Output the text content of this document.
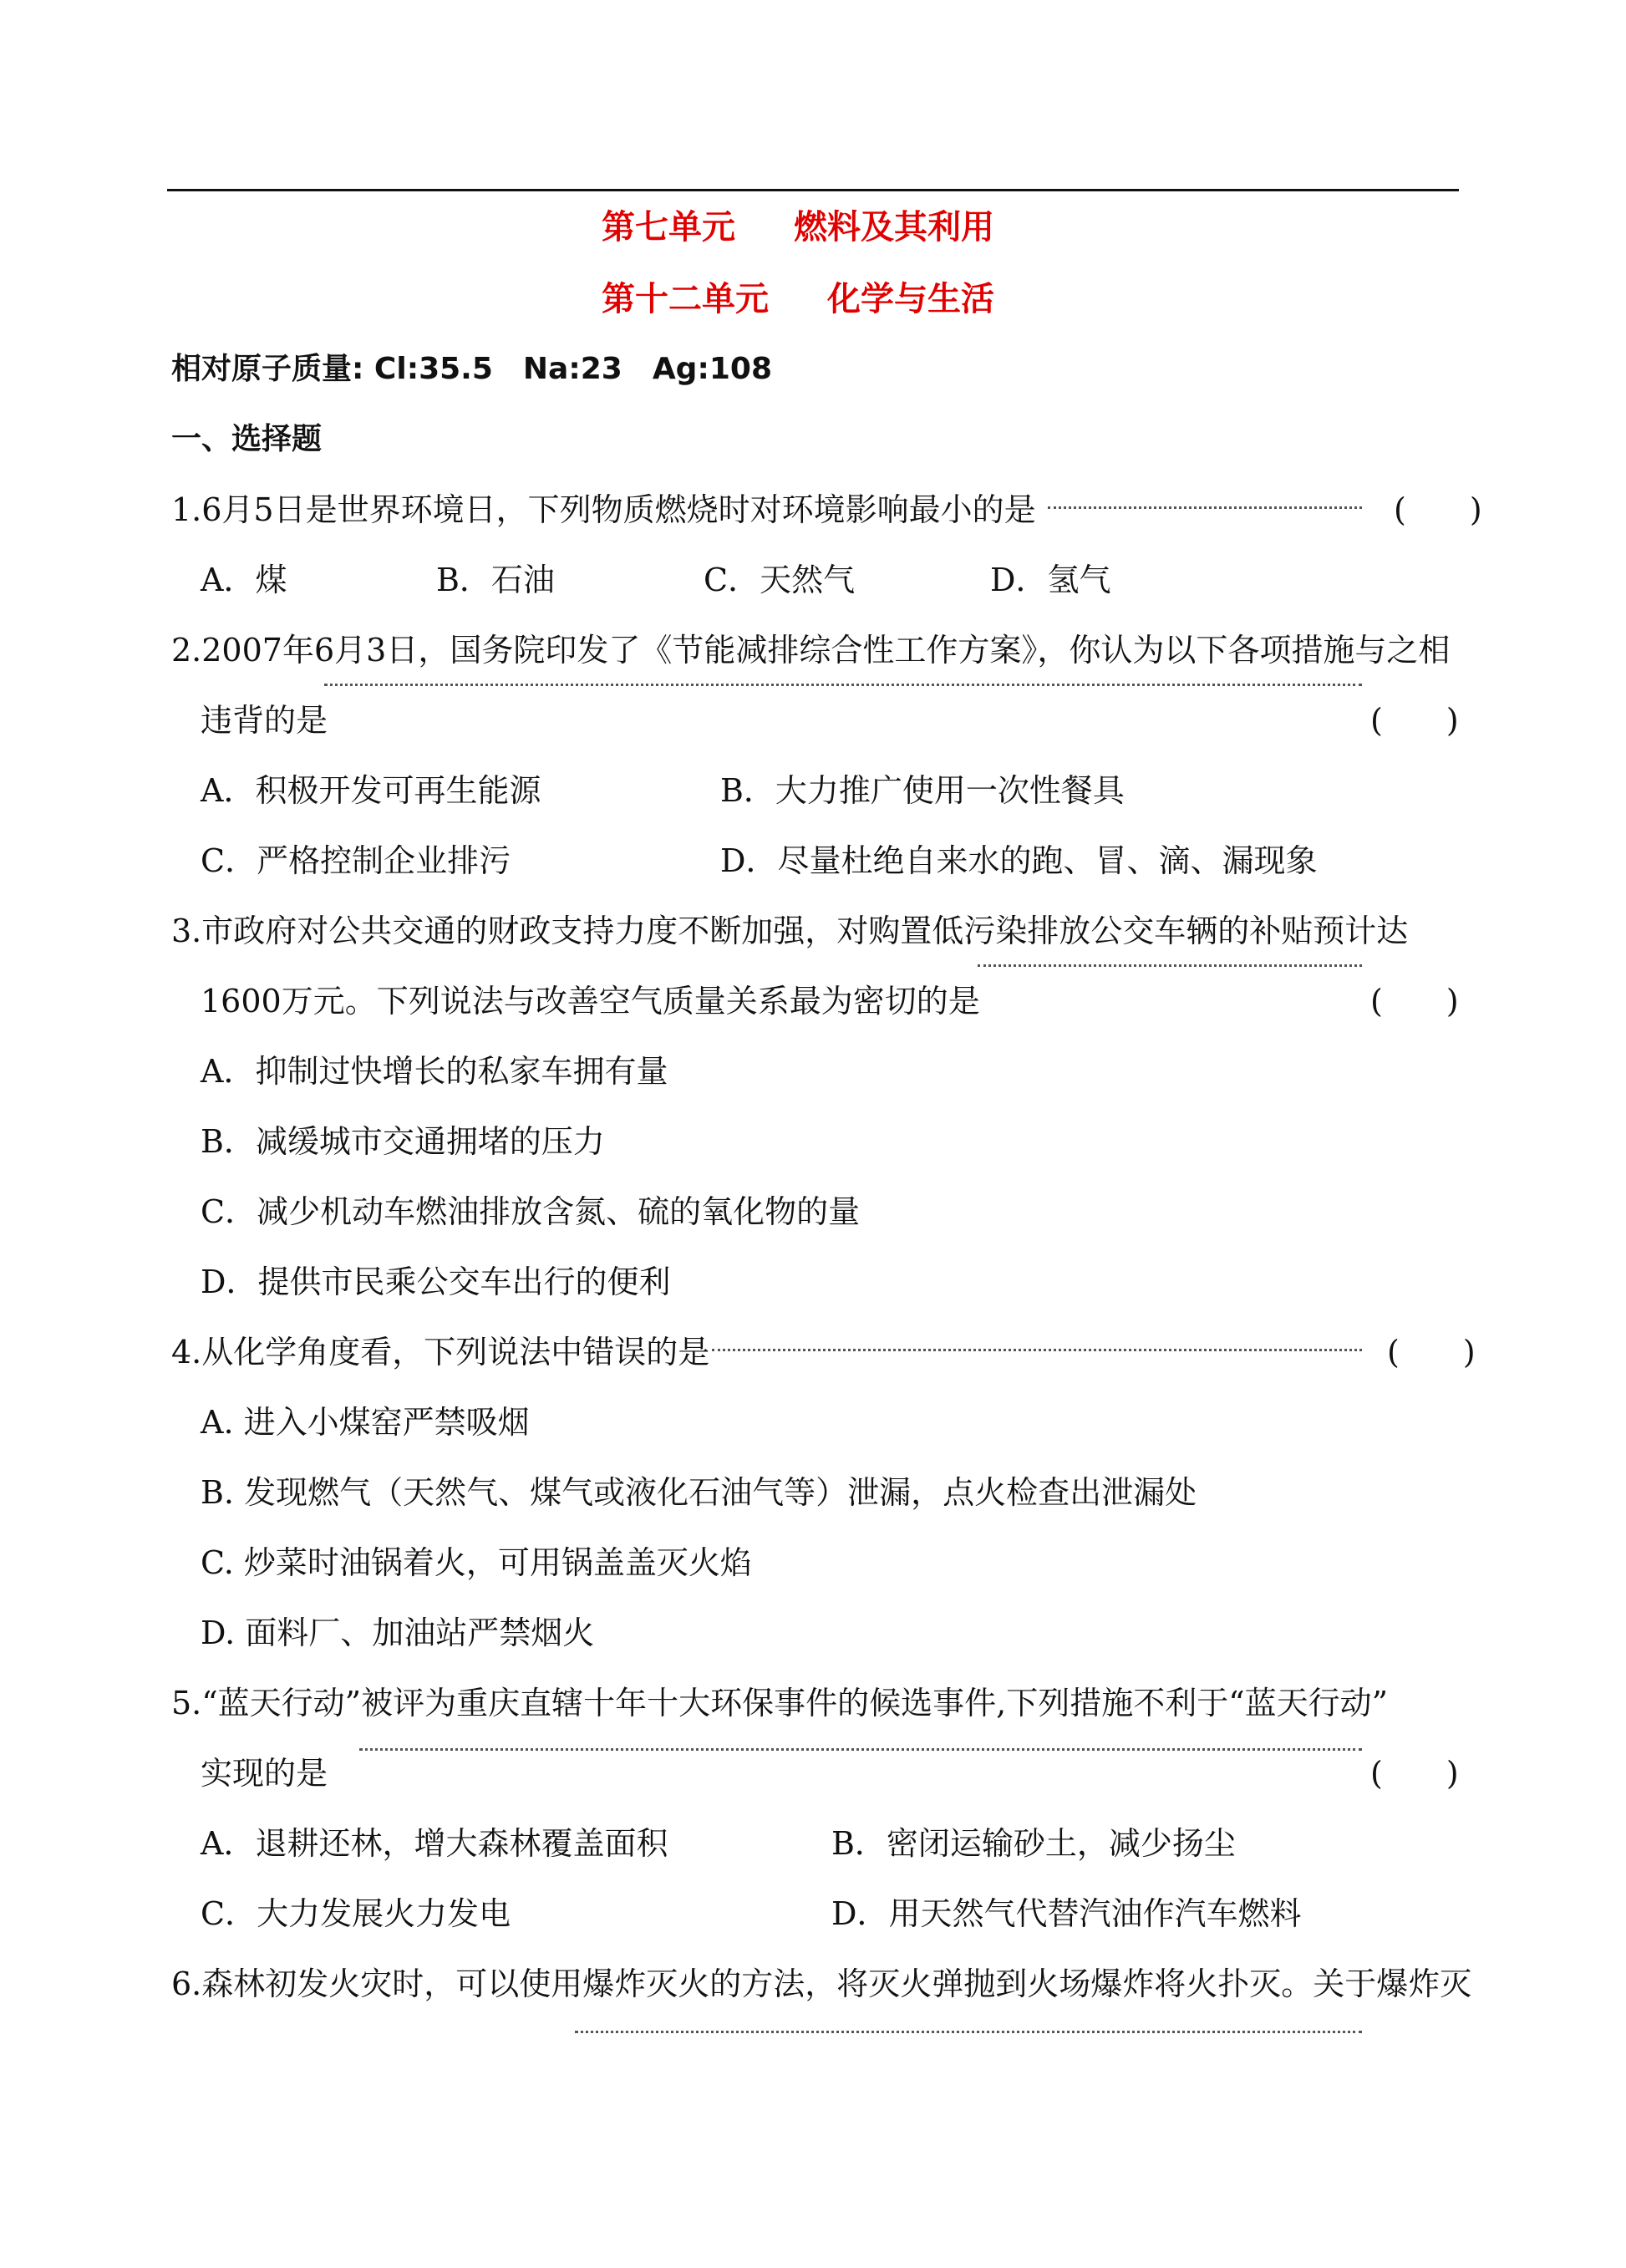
第七单元 燃料及其利用
第十二单元 化学与生活
相对原子质量: Cl:35.5　Na:23　Ag:108
一、选择题
1.6月5日是世界环境日，下列物质燃烧时对环境影响最小的是	(　　)
A．煤	B．石油	C．天然气	D．氢气
2.2007年6月3日，国务院印发了《节能减排综合性工作方案》，你认为以下各项措施与之相
违背的是	(　　)
A．积极开发可再生能源	B．大力推广使用一次性餐具
C．严格控制企业排污	D．尽量杜绝自来水的跑、冒、滴、漏现象
3.市政府对公共交通的财政支持力度不断加强，对购置低污染排放公交车辆的补贴预计达
1600万元。下列说法与改善空气质量关系最为密切的是	(　　)
A．抑制过快增长的私家车拥有量
B．减缓城市交通拥堵的压力
C．减少机动车燃油排放含氮、硫的氧化物的量
D．提供市民乘公交车出行的便利
4.从化学角度看，下列说法中错误的是	(　　)
A. 进入小煤窑严禁吸烟
B. 发现燃气（天然气、煤气或液化石油气等）泄漏，点火检查出泄漏处
C. 炒菜时油锅着火，可用锅盖盖灭火焰
D. 面料厂、加油站严禁烟火
5.“蓝天行动”被评为重庆直辖十年十大环保事件的候选事件,下列措施不利于“蓝天行动”
实现的是	(　　)
A．退耕还林，增大森林覆盖面积	B．密闭运输砂土，减少扬尘
C．大力发展火力发电	D．用天然气代替汽油作汽车燃料
6.森林初发火灾时，可以使用爆炸灭火的方法，将灭火弹抛到火场爆炸将火扑灭。关于爆炸灭
